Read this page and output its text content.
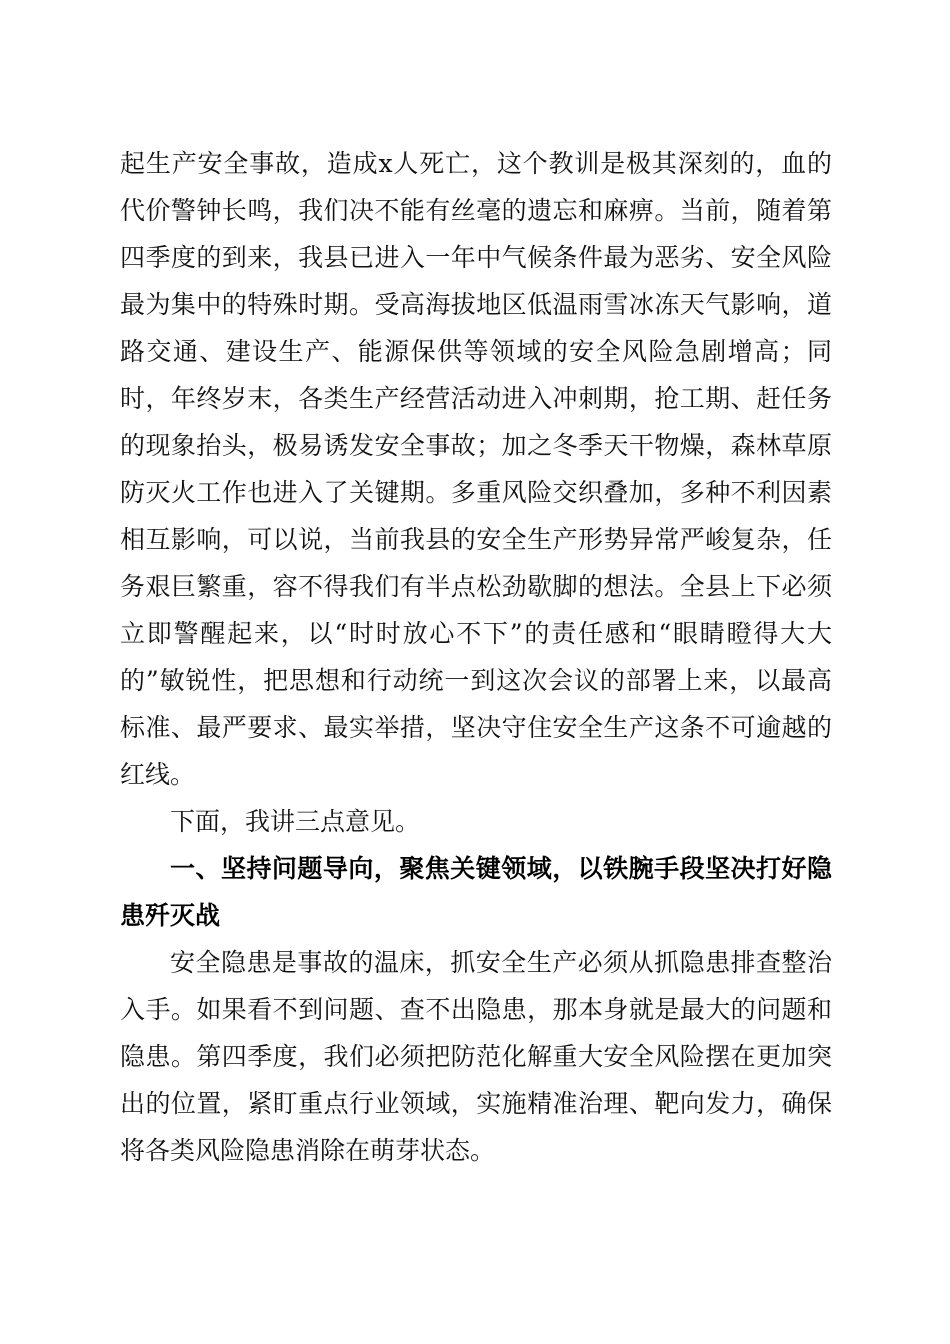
起生产安全事故，造成x人死亡，这个教训是极其深刻的，血的代价警钟长鸣，我们决不能有丝毫的遗忘和麻痹。当前，随着第四季度的到来，我县已进入一年中气候条件最为恶劣、安全风险最为集中的特殊时期。受高海拔地区低温雨雪冰冻天气影响，道路交通、建设生产、能源保供等领域的安全风险急剧增高；同时，年终岁末，各类生产经营活动进入冲刺期，抢工期、赶任务的现象抬头，极易诱发安全事故；加之冬季天干物燥，森林草原防灭火工作也进入了关键期。多重风险交织叠加，多种不利因素相互影响，可以说，当前我县的安全生产形势异常严峻复杂，任务艰巨繁重，容不得我们有半点松劲歇脚的想法。全县上下必须立即警醒起来，以“时时放心不下”的责任感和“眼睛瞪得大大的”敏锐性，把思想和行动统一到这次会议的部署上来，以最高标准、最严要求、最实举措，坚决守住安全生产这条不可逾越的红线。

下面，我讲三点意见。

一、坚持问题导向，聚焦关键领域，以铁腕手段坚决打好隐患歼灭战

安全隐患是事故的温床，抓安全生产必须从抓隐患排查整治入手。如果看不到问题、查不出隐患，那本身就是最大的问题和隐患。第四季度，我们必须把防范化解重大安全风险摆在更加突出的位置，紧盯重点行业领域，实施精准治理、靶向发力，确保将各类风险隐患消除在萌芽状态。
